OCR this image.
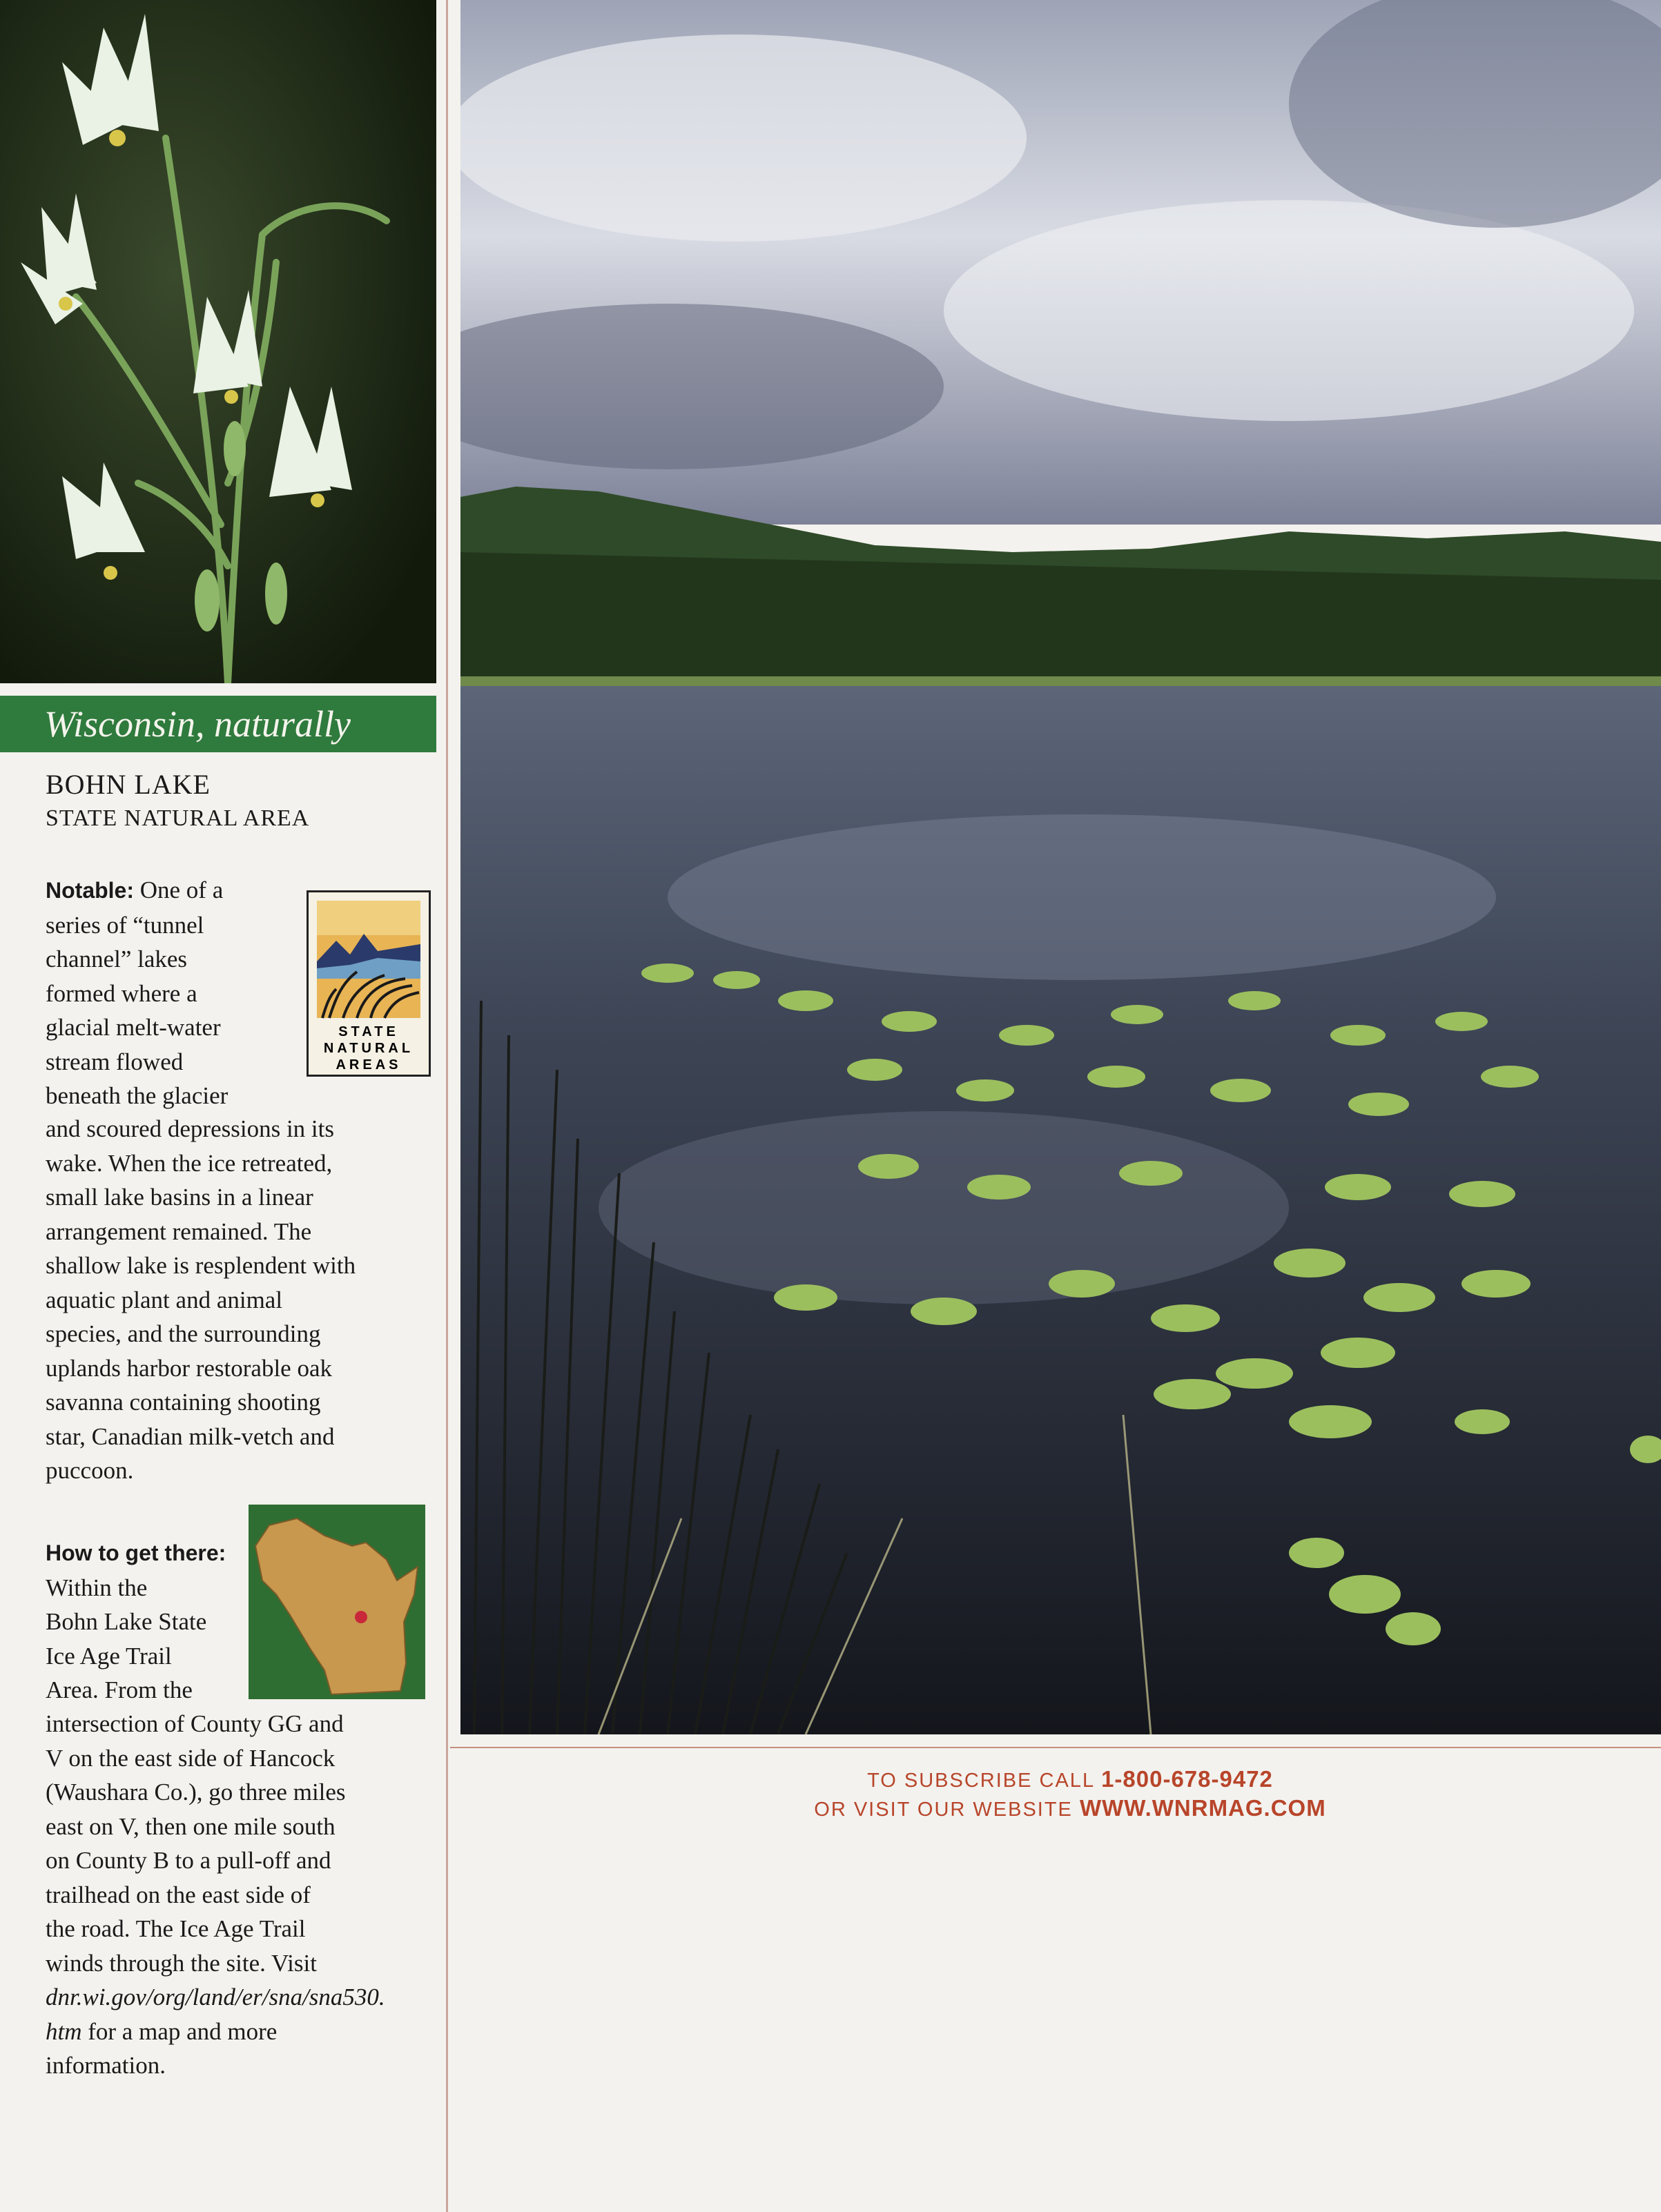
Wisconsin, naturally
BOHN LAKE
STATE NATURAL AREA
Notable: One of a
series of “tunnel
channel” lakes
formed where a
glacial melt-water
stream flowed
beneath the glacier
and scoured depressions in its
wake. When the ice retreated,
small lake basins in a linear
arrangement remained. The
shallow lake is resplendent with
aquatic plant and animal
species, and the surrounding
uplands harbor restorable oak
savanna containing shooting
star, Canadian milk-vetch and
puccoon.
STATE
NATURAL
AREAS
How to get there:
Within the
Bohn Lake State
Ice Age Trail
Area. From the
intersection of County GG and
V on the east side of Hancock
(Waushara Co.), go three miles
east on V, then one mile south
on County B to a pull-off and
trailhead on the east side of
the road. The Ice Age Trail
winds through the site. Visit
dnr.wi.gov/org/land/er/sna/sna530.
htm for a map and more
information.
TO SUBSCRIBE CALL 1-800-678-9472
OR VISIT OUR WEBSITE WWW.WNRMAG.COM
